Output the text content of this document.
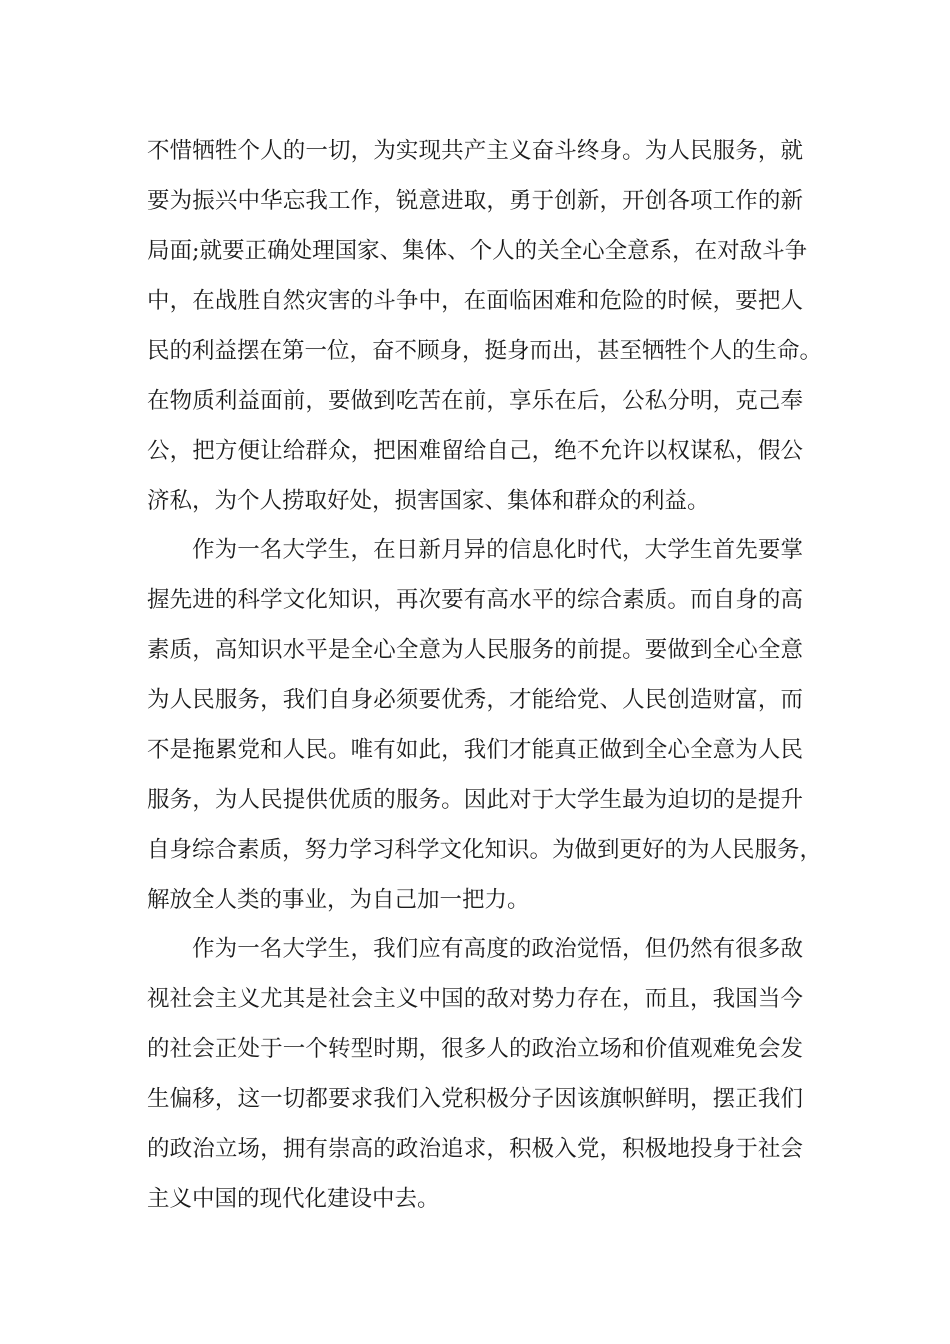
不惜牺牲个人的一切，为实现共产主义奋斗终身。为人民服务，就
要为振兴中华忘我工作，锐意进取，勇于创新，开创各项工作的新
局面;就要正确处理国家、集体、个人的关全心全意系，在对敌斗争
中，在战胜自然灾害的斗争中，在面临困难和危险的时候，要把人
民的利益摆在第一位，奋不顾身，挺身而出，甚至牺牲个人的生命。
在物质利益面前，要做到吃苦在前，享乐在后，公私分明，克己奉
公，把方便让给群众，把困难留给自己，绝不允许以权谋私，假公
济私，为个人捞取好处，损害国家、集体和群众的利益。
作为一名大学生，在日新月异的信息化时代，大学生首先要掌
握先进的科学文化知识，再次要有高水平的综合素质。而自身的高
素质，高知识水平是全心全意为人民服务的前提。要做到全心全意
为人民服务，我们自身必须要优秀，才能给党、人民创造财富，而
不是拖累党和人民。唯有如此，我们才能真正做到全心全意为人民
服务，为人民提供优质的服务。因此对于大学生最为迫切的是提升
自身综合素质，努力学习科学文化知识。为做到更好的为人民服务，
解放全人类的事业，为自己加一把力。
作为一名大学生，我们应有高度的政治觉悟，但仍然有很多敌
视社会主义尤其是社会主义中国的敌对势力存在，而且，我国当今
的社会正处于一个转型时期，很多人的政治立场和价值观难免会发
生偏移，这一切都要求我们入党积极分子因该旗帜鲜明，摆正我们
的政治立场，拥有崇高的政治追求，积极入党，积极地投身于社会
主义中国的现代化建设中去。
